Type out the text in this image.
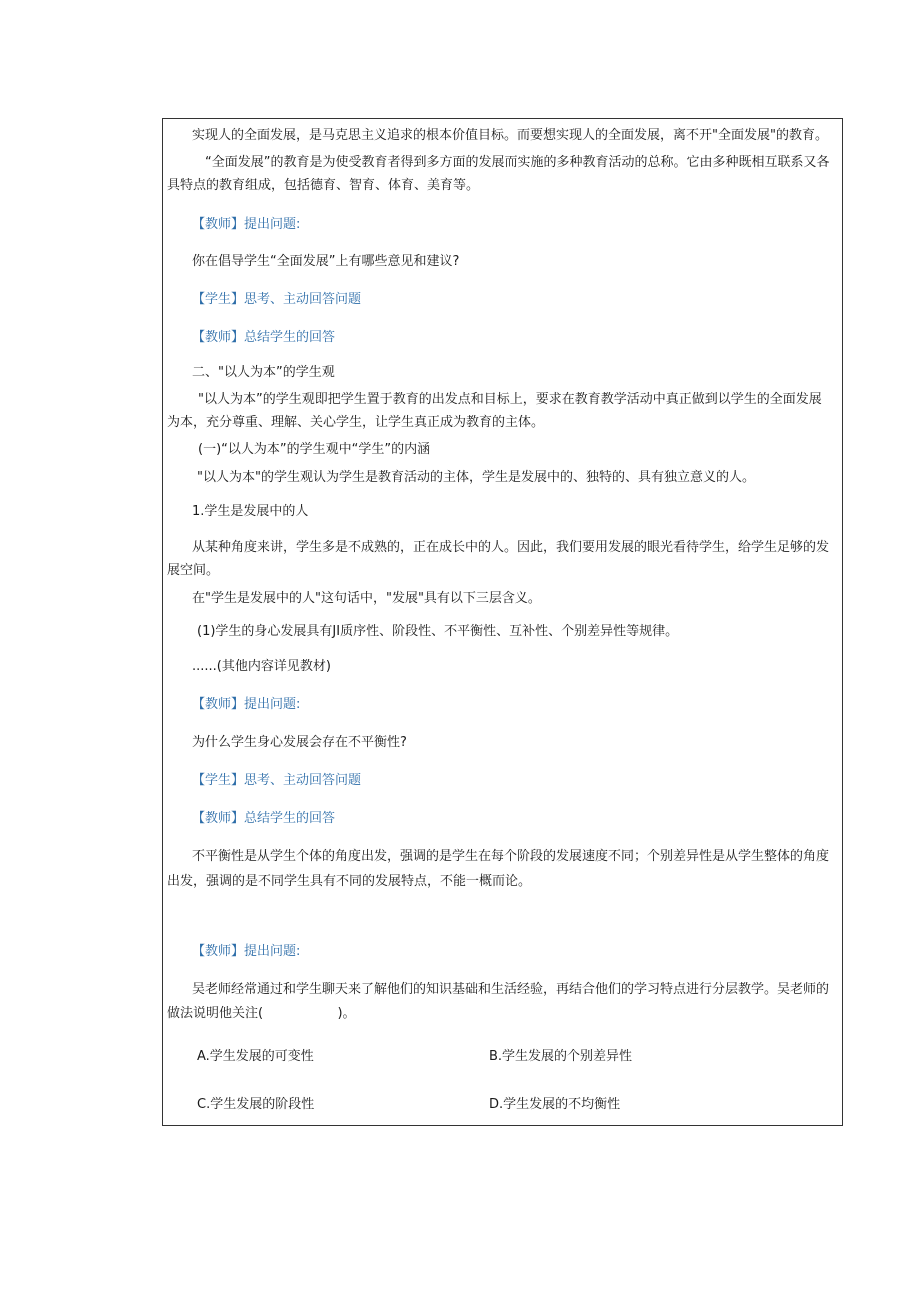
实现人的全面发展，是马克思主义追求的根本价值目标。而要想实现人的全面发展，离不开"全面发展"的教育。
“全面发展”的教育是为使受教育者得到多方面的发展而实施的多种教育活动的总称。它由多种既相互联系又各
具特点的教育组成，包括德育、智育、体育、美育等。
【教师】提出问题:
你在倡导学生“全面发展”上有哪些意见和建议?
【学生】思考、主动回答问题
【教师】总结学生的回答
二、"以人为本”的学生观
"以人为本”的学生观即把学生置于教育的出发点和目标上，要求在教育教学活动中真正做到以学生的全面发展
为本，充分尊重、理解、关心学生，让学生真正成为教育的主体。
(一)“以人为本”的学生观中“学生”的内涵
"以人为本"的学生观认为学生是教育活动的主体，学生是发展中的、独特的、具有独立意义的人。
1.学生是发展中的人
从某种角度来讲，学生多是不成熟的，正在成长中的人。因此，我们要用发展的眼光看待学生，给学生足够的发
展空间。
在"学生是发展中的人"这句话中，"发展"具有以下三层含义。
(1)学生的身心发展具有JI质序性、阶段性、不平衡性、互补性、个别差异性等规律。
......(其他内容详见教材)
【教师】提出问题:
为什么学生身心发展会存在不平衡性?
【学生】思考、主动回答问题
【教师】总结学生的回答
不平衡性是从学生个体的角度出发，强调的是学生在每个阶段的发展速度不同；个别差异性是从学生整体的角度
出发，强调的是不同学生具有不同的发展特点，不能一概而论。
【教师】提出问题:
吴老师经常通过和学生聊天来了解他们的知识基础和生活经验，再结合他们的学习特点进行分层教学。吴老师的
做法说明他关注(                  )。
A.学生发展的可变性	B.学生发展的个别差异性
C.学生发展的阶段性	D.学生发展的不均衡性
